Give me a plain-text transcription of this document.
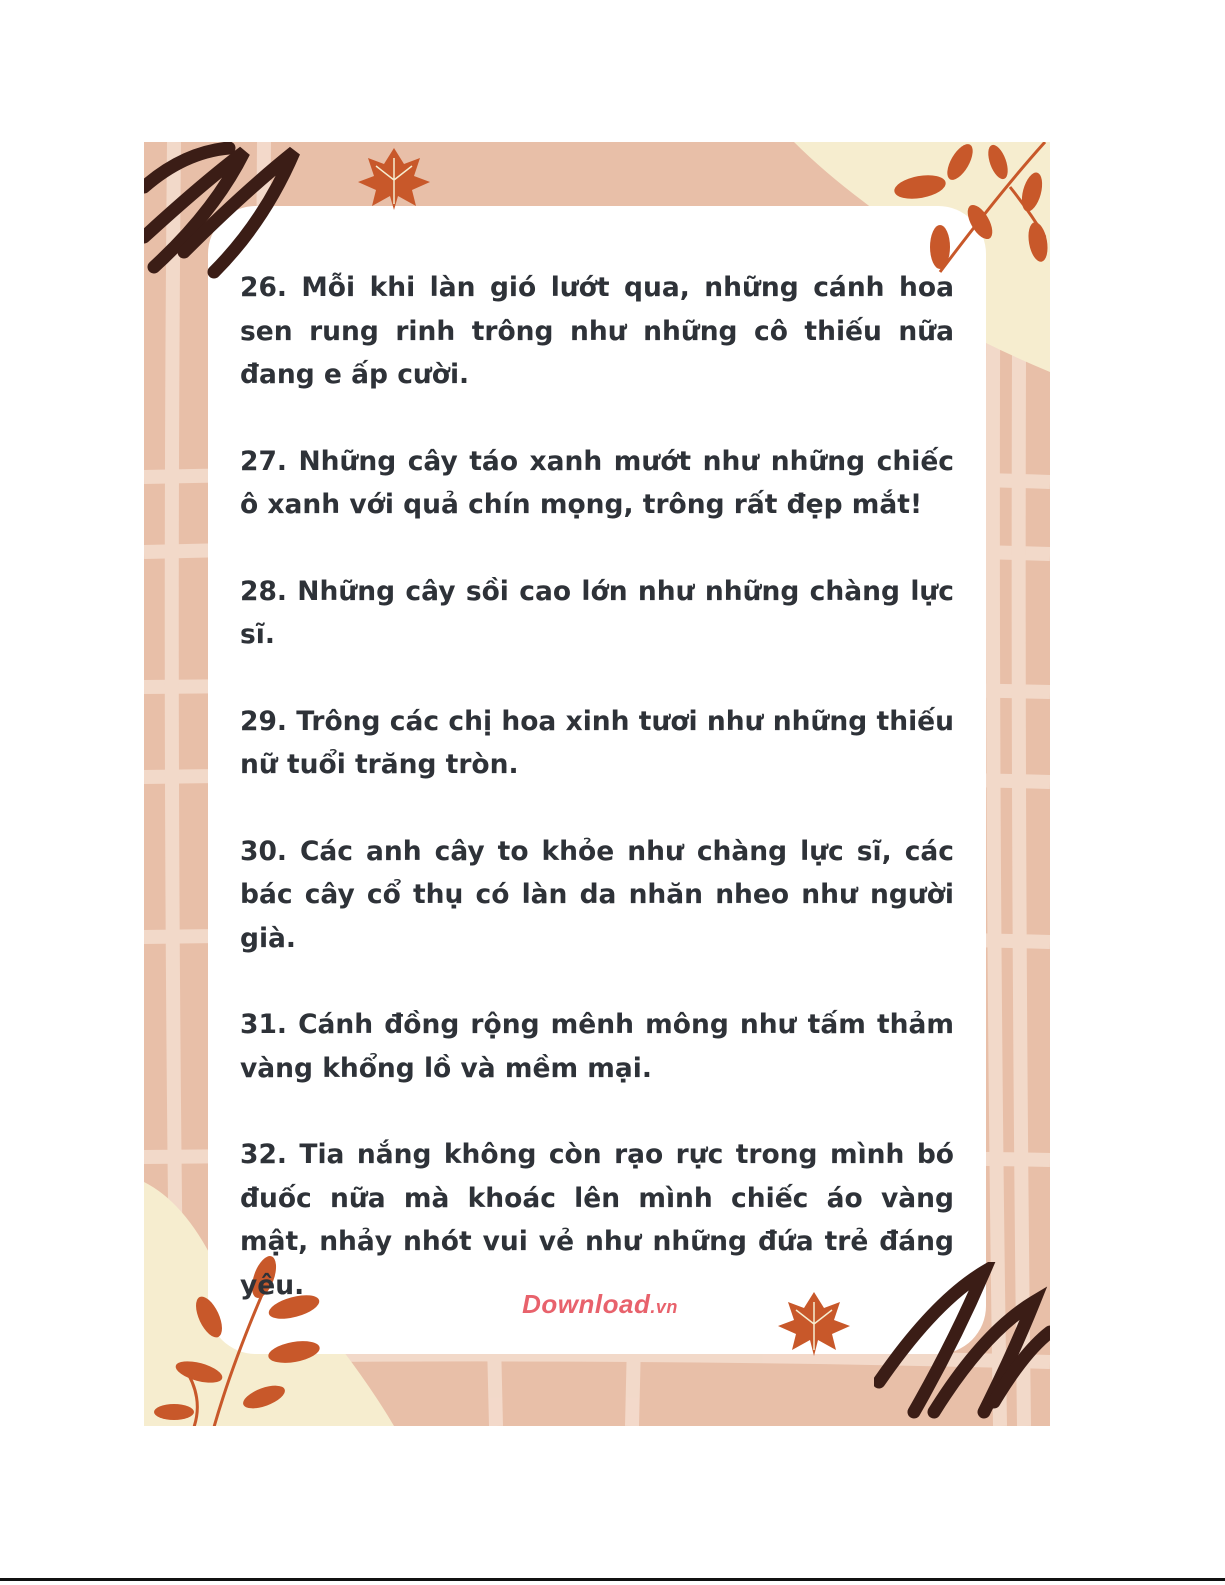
26. Mỗi khi làn gió lướt qua, những cánh hoa sen rung rinh trông như những cô thiếu nữa đang e ấp cười.

27. Những cây táo xanh mướt như những chiếc ô xanh với quả chín mọng, trông rất đẹp mắt!

28. Những cây sồi cao lớn như những chàng lực sĩ.

29. Trông các chị hoa xinh tươi như những thiếu nữ tuổi trăng tròn.

30. Các anh cây to khỏe như chàng lực sĩ, các bác cây cổ thụ có làn da nhăn nheo như người già.

31. Cánh đồng rộng mênh mông như tấm thảm vàng khổng lồ và mềm mại.

32. Tia nắng không còn rạo rực trong mình bó đuốc nữa mà khoác lên mình chiếc áo vàng mật, nhảy nhót vui vẻ như những đứa trẻ đáng yêu.

Download.vn
